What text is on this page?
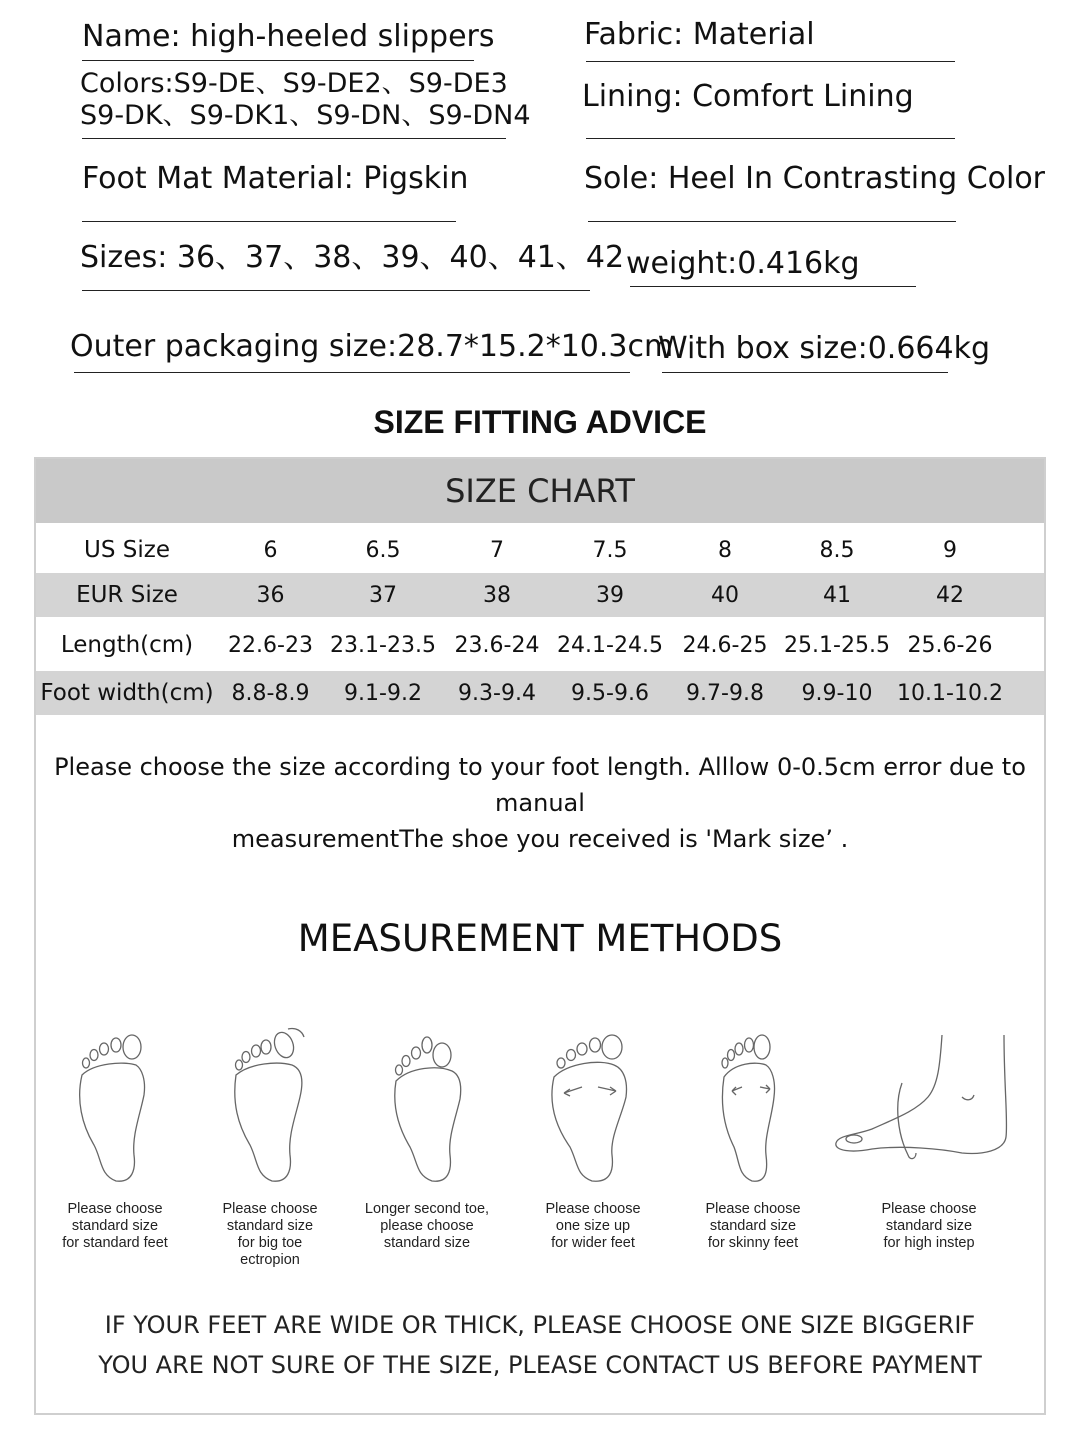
Name: high-heeled slippers
Colors:S9-DE、S9-DE2、S9-DE3
S9-DK、S9-DK1、S9-DN、S9-DN4
Fabric: Material
Lining: Comfort Lining
Foot Mat Material: Pigskin	Sole: Heel In Contrasting Color
Sizes: 36、37、38、39、40、41、42 weight:0.416kg
Outer packaging size:28.7*15.2*10.3cm
With box size:0.664kg
SIZE FITTING ADVICE
SIZE CHART
US Size	6	6.5	7	7.5	8	8.5	9
EUR Size	36	37	38	39	40	41	42
Length(cm)	22.6-23 23.1-23.5 23.6-24 24.1-24.5 24.6-25 25.1-25.5 25.6-26
Foot width(cm) 8.8-8.9	9.1-9.2	9.3-9.4	9.5-9.6	9.7-9.8	9.9-10	10.1-10.2
Please choose the size according to your foot length. Alllow 0-0.5cm error due to manual
measurementThe shoe you received is 'Mark size’ .
MEASUREMENT METHODS
Please choose
standard size
for standard feet
Please choose
standard size
for big toe
ectropion
Longer second toe,
please choose
standard size
Please choose
one size up
for wider feet
Please choose
standard size
for skinny feet
Please choose
standard size
for high instep
IF YOUR FEET ARE WIDE OR THICK, PLEASE CHOOSE ONE SIZE BIGGERIF
YOU ARE NOT SURE OF THE SIZE, PLEASE CONTACT US BEFORE PAYMENT
